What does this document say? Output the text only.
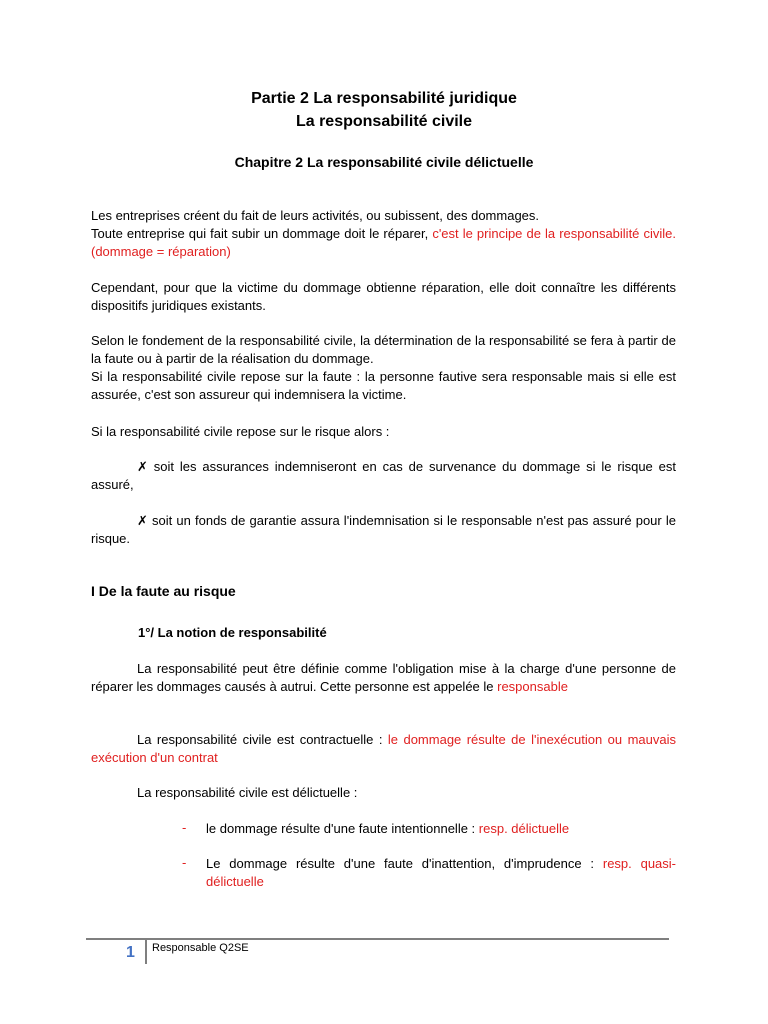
Partie 2 La responsabilité juridique
La responsabilité civile
Chapitre 2 La responsabilité civile délictuelle
Les entreprises créent du fait de leurs activités, ou subissent, des dommages.
Toute entreprise qui fait subir un dommage doit le réparer, c'est le principe de la responsabilité civile. (dommage = réparation)
Cependant, pour que la victime du dommage obtienne réparation, elle doit connaître les différents dispositifs juridiques existants.
Selon le fondement de la responsabilité civile, la détermination de la responsabilité se fera à partir de la faute ou à partir de la réalisation du dommage.
Si la responsabilité civile repose sur la faute : la personne fautive sera responsable mais si elle est assurée, c'est son assureur qui indemnisera la victime.
Si la responsabilité civile repose sur le risque alors :
✗ soit les assurances indemniseront en cas de survenance du dommage si le risque est assuré,
✗ soit un fonds de garantie assura l'indemnisation si le responsable n'est pas assuré pour le risque.
I De la faute au risque
1°/ La notion de responsabilité
La responsabilité peut être définie comme l'obligation mise à la charge d'une personne de réparer les dommages causés à autrui. Cette personne est appelée le responsable
La responsabilité civile est contractuelle : le dommage résulte de l'inexécution ou mauvais exécution d'un contrat
La responsabilité civile est délictuelle :
- le dommage résulte d'une faute intentionnelle : resp. délictuelle
- Le dommage résulte d'une faute d'inattention, d'imprudence : resp. quasi-délictuelle
1 Responsable Q2SE
